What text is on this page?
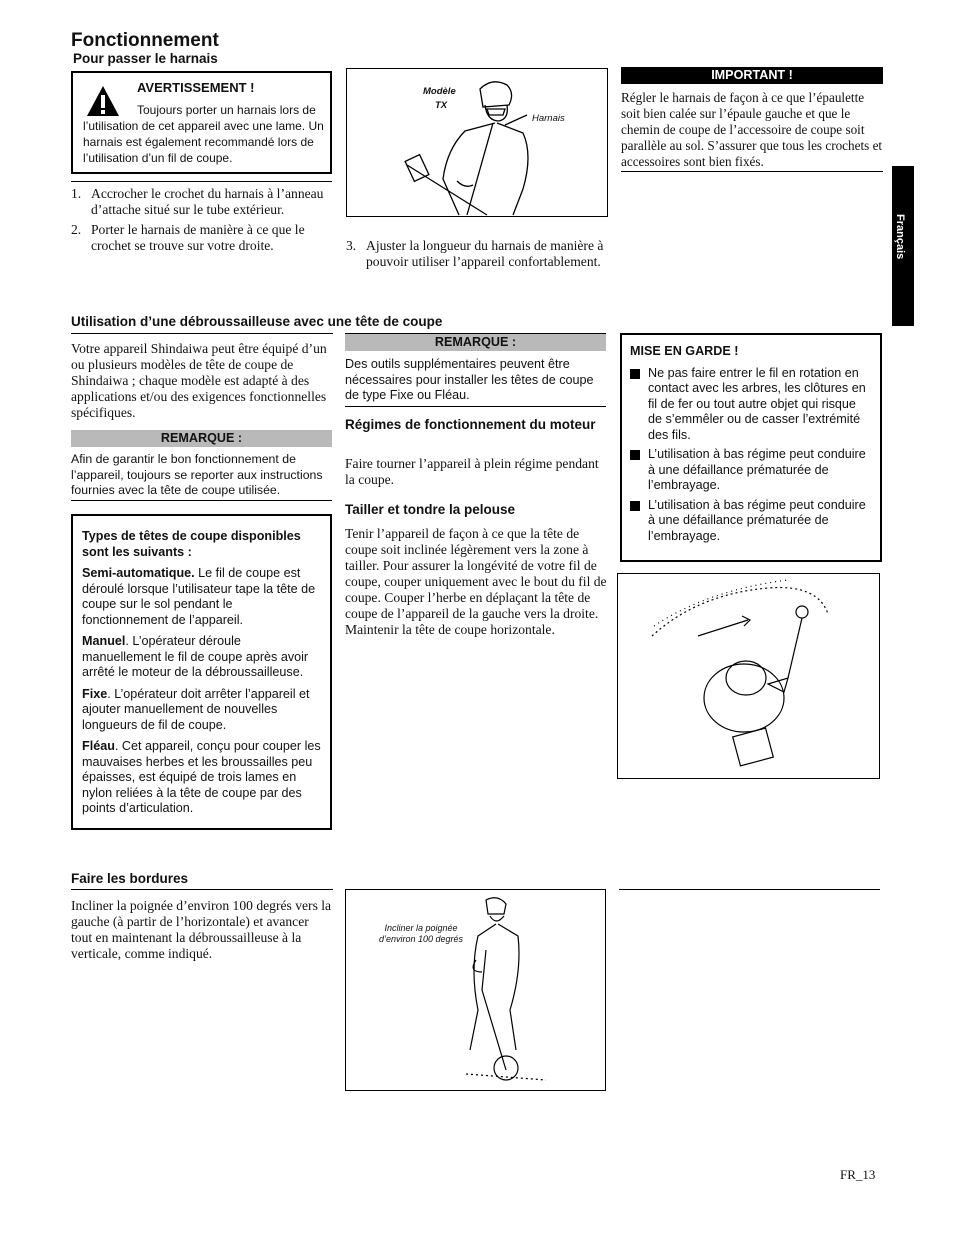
Fonctionnement
Pour passer le harnais
Français
AVERTISSEMENT !
Toujours porter un harnais lors de l’utilisation de cet appareil avec une lame. Un harnais est également recommandé lors de l’utilisation d’un fil de coupe.
1. Accrocher le crochet du harnais à l’anneau d’attache situé sur le tube extérieur.
2. Porter le harnais de manière à ce que le crochet se trouve sur votre droite.
Modèle
TX
Harnais
3. Ajuster la longueur du harnais de manière à pouvoir utiliser l’appareil confortablement.
IMPORTANT !
Régler le harnais de façon à ce que l’épaulette soit bien calée sur l’épaule gauche et que le chemin de coupe de l’accessoire de coupe soit parallèle au sol. S’assurer que tous les crochets et accessoires sont bien fixés.
Utilisation d’une débroussailleuse avec une tête de coupe
Votre appareil Shindaiwa peut être équipé d’un ou plusieurs modèles de tête de coupe de Shindaiwa ; chaque modèle est adapté à des applications et/ou des exigences fonctionnelles spécifiques.
REMARQUE :
Afin de garantir le bon fonctionnement de l’appareil, toujours se reporter aux instructions fournies avec la tête de coupe utilisée.

Types de têtes de coupe disponibles sont les suivants :

Semi-automatique. Le fil de coupe est déroulé lorsque l’utilisateur tape la tête de coupe sur le sol pendant le fonctionnement de l’appareil.

Manuel. L’opérateur déroule manuellement le fil de coupe après avoir arrêté le moteur de la débroussailleuse.

Fixe. L’opérateur doit arrêter l’appareil et ajouter manuellement de nouvelles longueurs de fil de coupe.

Fléau. Cet appareil, conçu pour couper les mauvaises herbes et les broussailles peu épaisses, est équipé de trois lames en nylon reliées à la tête de coupe par des points d’articulation.

REMARQUE :
Des outils supplémentaires peuvent être nécessaires pour installer les têtes de coupe de type Fixe ou Fléau.
Régimes de fonctionnement du moteur
Faire tourner l’appareil à plein régime pendant la coupe.
Tailler et tondre la pelouse
Tenir l’appareil de façon à ce que la tête de coupe soit inclinée légèrement vers la zone à tailler. Pour assurer la longévité de votre fil de coupe, couper uniquement avec le bout du fil de coupe. Couper l’herbe en déplaçant la tête de coupe de l’appareil de la gauche vers la droite. Maintenir la tête de coupe horizontale.
MISE EN GARDE !
Ne pas faire entrer le fil en rotation en contact avec les arbres, les clôtures en fil de fer ou tout autre objet qui risque de s’emmêler ou de casser l’extrémité des fils.
L’utilisation à bas régime peut conduire à une défaillance prématurée de l’embrayage.
L’utilisation à bas régime peut conduire à une défaillance prématurée de l’embrayage.
Faire les bordures
Incliner la poignée d’environ 100 degrés vers la gauche (à partir de l’horizontale) et avancer tout en maintenant la débroussailleuse à la verticale, comme indiqué.
Incliner la poignée d’environ 100 degrés
FR_13
